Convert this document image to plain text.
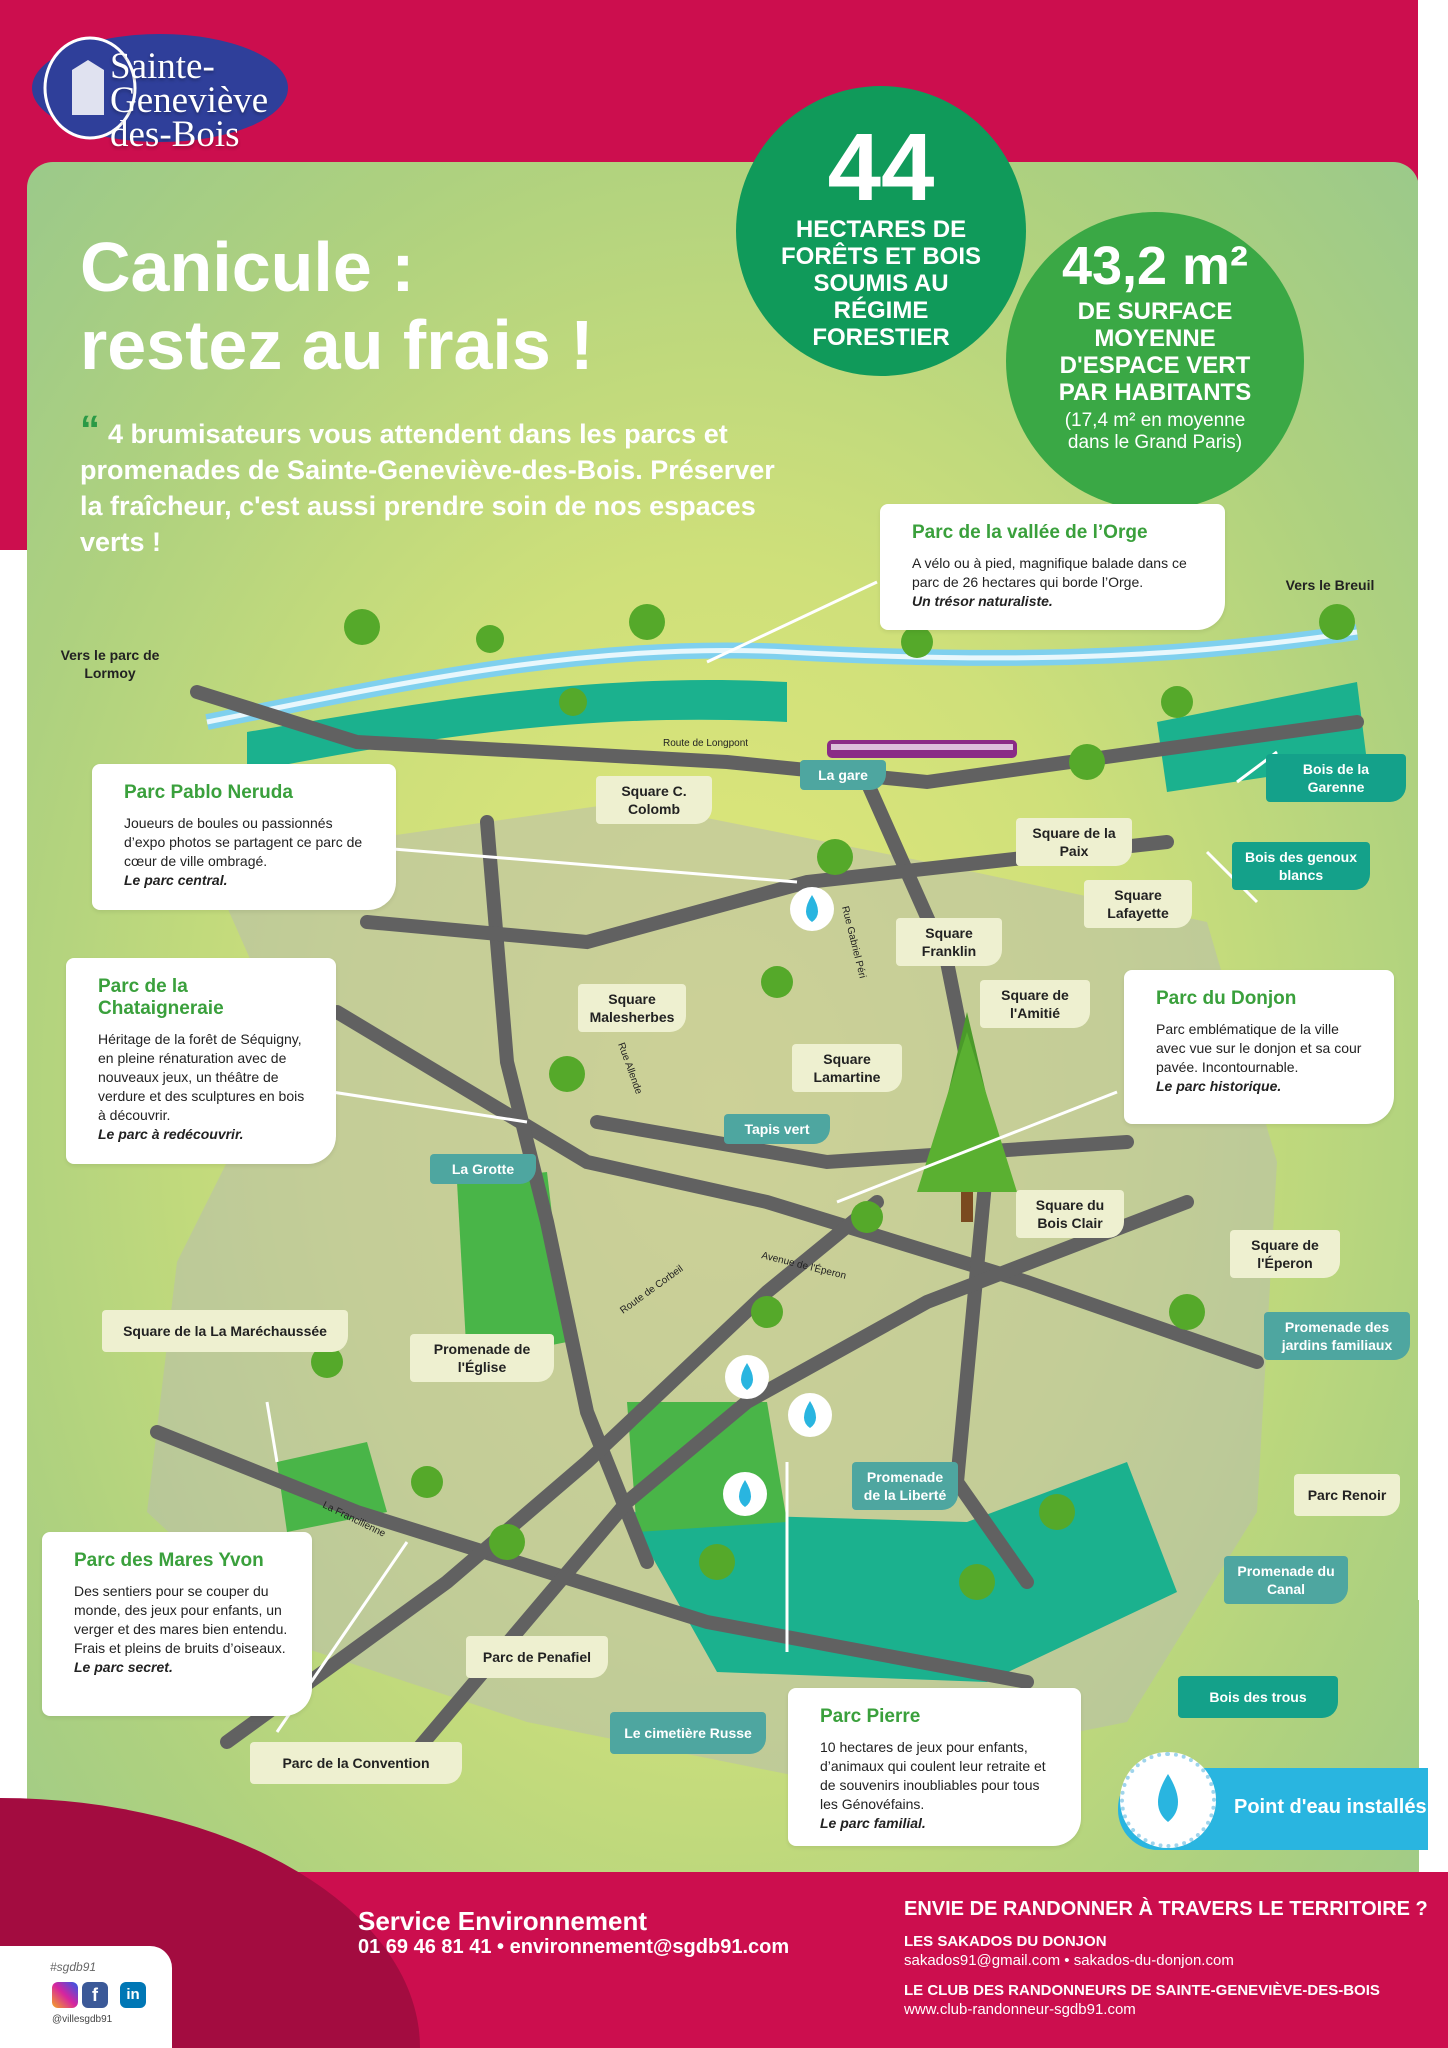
Sainte-
Geneviève
des-Bois
Route de Longpont
Rue Gabriel Péri
Rue Allende
Route de Corbeil	Avenue de l'Éperon
La Francilienne
Canicule :
restez au frais !
“ 4 brumisateurs vous attendent dans les parcs et promenades de Sainte-Geneviève-des-Bois. Préserver la fraîcheur, c'est aussi prendre soin de nos espaces verts !
44
HECTARES DE FORÊTS ET BOIS SOUMIS AU RÉGIME FORESTIER
43,2 m²
DE SURFACE MOYENNE D'ESPACE VERT PAR HABITANTS
(17,4 m² en moyenne dans le Grand Paris)

Parc de la vallée de l’Orge

A vélo ou à pied, magnifique balade dans ce parc de 26 hectares qui borde l’Orge.

Un trésor naturaliste.

Parc Pablo Neruda

Joueurs de boules ou passionnés d’expo photos se partagent ce parc de cœur de ville ombragé.

Le parc central.

Parc de la Chataigneraie

Héritage de la forêt de Séquigny, en pleine rénaturation avec de nouveaux jeux, un théâtre de verdure et des sculptures en bois à découvrir.

Le parc à redécouvrir.

Parc du Donjon

Parc emblématique de la ville avec vue sur le donjon et sa cour pavée. Incontournable.

Le parc historique.

Parc des Mares Yvon

Des sentiers pour se couper du monde, des jeux pour enfants, un verger et des mares bien entendu. Frais et pleins de bruits d’oiseaux.

Le parc secret.

Parc Pierre

10 hectares de jeux pour enfants, d’animaux qui coulent leur retraite et de souvenirs inoubliables pour tous les Génovéfains.

Le parc familial.

Vers le parc de Lormoy
Vers le Breuil
La gare
Square C. Colomb
Square de la Paix
Square Lafayette
Square Franklin
Square de l'Amitié
Square Malesherbes
Square Lamartine
Tapis vert
La Grotte
Square du Bois Clair
Square de l'Éperon
Bois de la Garenne
Bois des genoux blancs
Square de la La Maréchaussée
Promenade de l'Église
Promenade des jardins familiaux
Promenade de la Liberté	Parc Renoir
Promenade du Canal
Bois des trous
Parc de Penafiel
Parc de la Convention
Le cimetière Russe
Point d'eau installés
#sgdb91
f	in
@villesgdb91
Service Environnement
01 69 46 81 41 • environnement@sgdb91.com
ENVIE DE RANDONNER À TRAVERS LE TERRITOIRE ?
LES SAKADOS DU DONJON
sakados91@gmail.com • sakados-du-donjon.com
LE CLUB DES RANDONNEURS DE SAINTE-GENEVIÈVE-DES-BOIS
www.club-randonneur-sgdb91.com
